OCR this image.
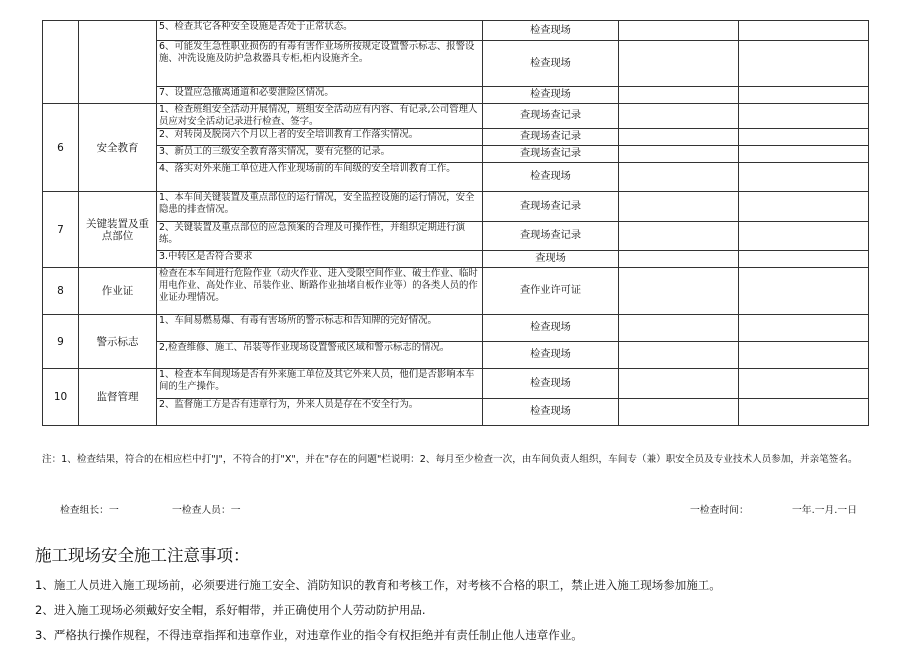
		5、检查其它各种安全设施是否处于正常状态。	检查现场		
		6、可能发生急性职业损伤的有毒有害作业场所按规定设置警示标志、报警设施、冲洗设施及防护急救器具专柜,柜内设施齐全。	检查现场		
		7、设置应急撤离通道和必要泄险区情况。	检查现场		
6	安全教育	1、检查班组安全活动开展情况，班组安全活动应有内容、有记录,公司管理人员应对安全活动记录进行检查、签字。	查现场查记录		
		2、对转岗及脱岗六个月以上者的安全培训教育工作落实情况。	查现场查记录		
		3、新员工的三级安全教育落实情况，要有完整的记录。	查现场查记录		
		4、落实对外来施工单位进入作业现场前的车间级的安全培训教育工作。	检查现场		
7	关键装置及重点部位	1、本车间关键装置及重点部位的运行情况，安全监控设施的运行情况，安全隐患的排查情况。	查现场查记录		
		2、关键装置及重点部位的应急预案的合理及可操作性，并组织定期进行演练。	查现场查记录		
		3.中转区是否符合要求	查现场		
8	作业证	检查在本车间进行危险作业（动火作业、进入受限空间作业、破土作业、临时用电作业、高处作业、吊装作业、断路作业抽堵自板作业等）的各类人员的作业证办理情况。	查作业许可证		
9	警示标志	1、车间易燃易爆、有毒有害场所的警示标志和告知牌的完好情况。	检查现场		
		2,检查维修、施工、吊装等作业现场设置警戒区域和警示标志的情况。	检查现场		
10	监督管理	1、检查本车间现场是否有外来施工单位及其它外来人员，他们是否影响本车间的生产操作。	检查现场		
		2、监督施工方是否有违章行为，外来人员是存在不安全行为。	检查现场		
注：1、检查结果，符合的在相应栏中打"J"，不符合的打"X"，并在"存在的问题"栏说明：2、每月至少检查一次，由车间负责人组织，车间专（兼）职安全员及专业技术人员参加，并亲笔签名。
检查组长：一	一检查人员：一	一检查时间：	一年.一月.一日
施工现场安全施工注意事项：
1、施工人员进入施工现场前，必须要进行施工安全、消防知识的教育和考核工作，对考核不合格的职工，禁止进入施工现场参加施工。
2、进入施工现场必须戴好安全帽，系好帽带，并正确使用个人劳动防护用品.
3、严格执行操作规程，不得违章指挥和违章作业，对违章作业的指令有权拒绝并有责任制止他人违章作业。
